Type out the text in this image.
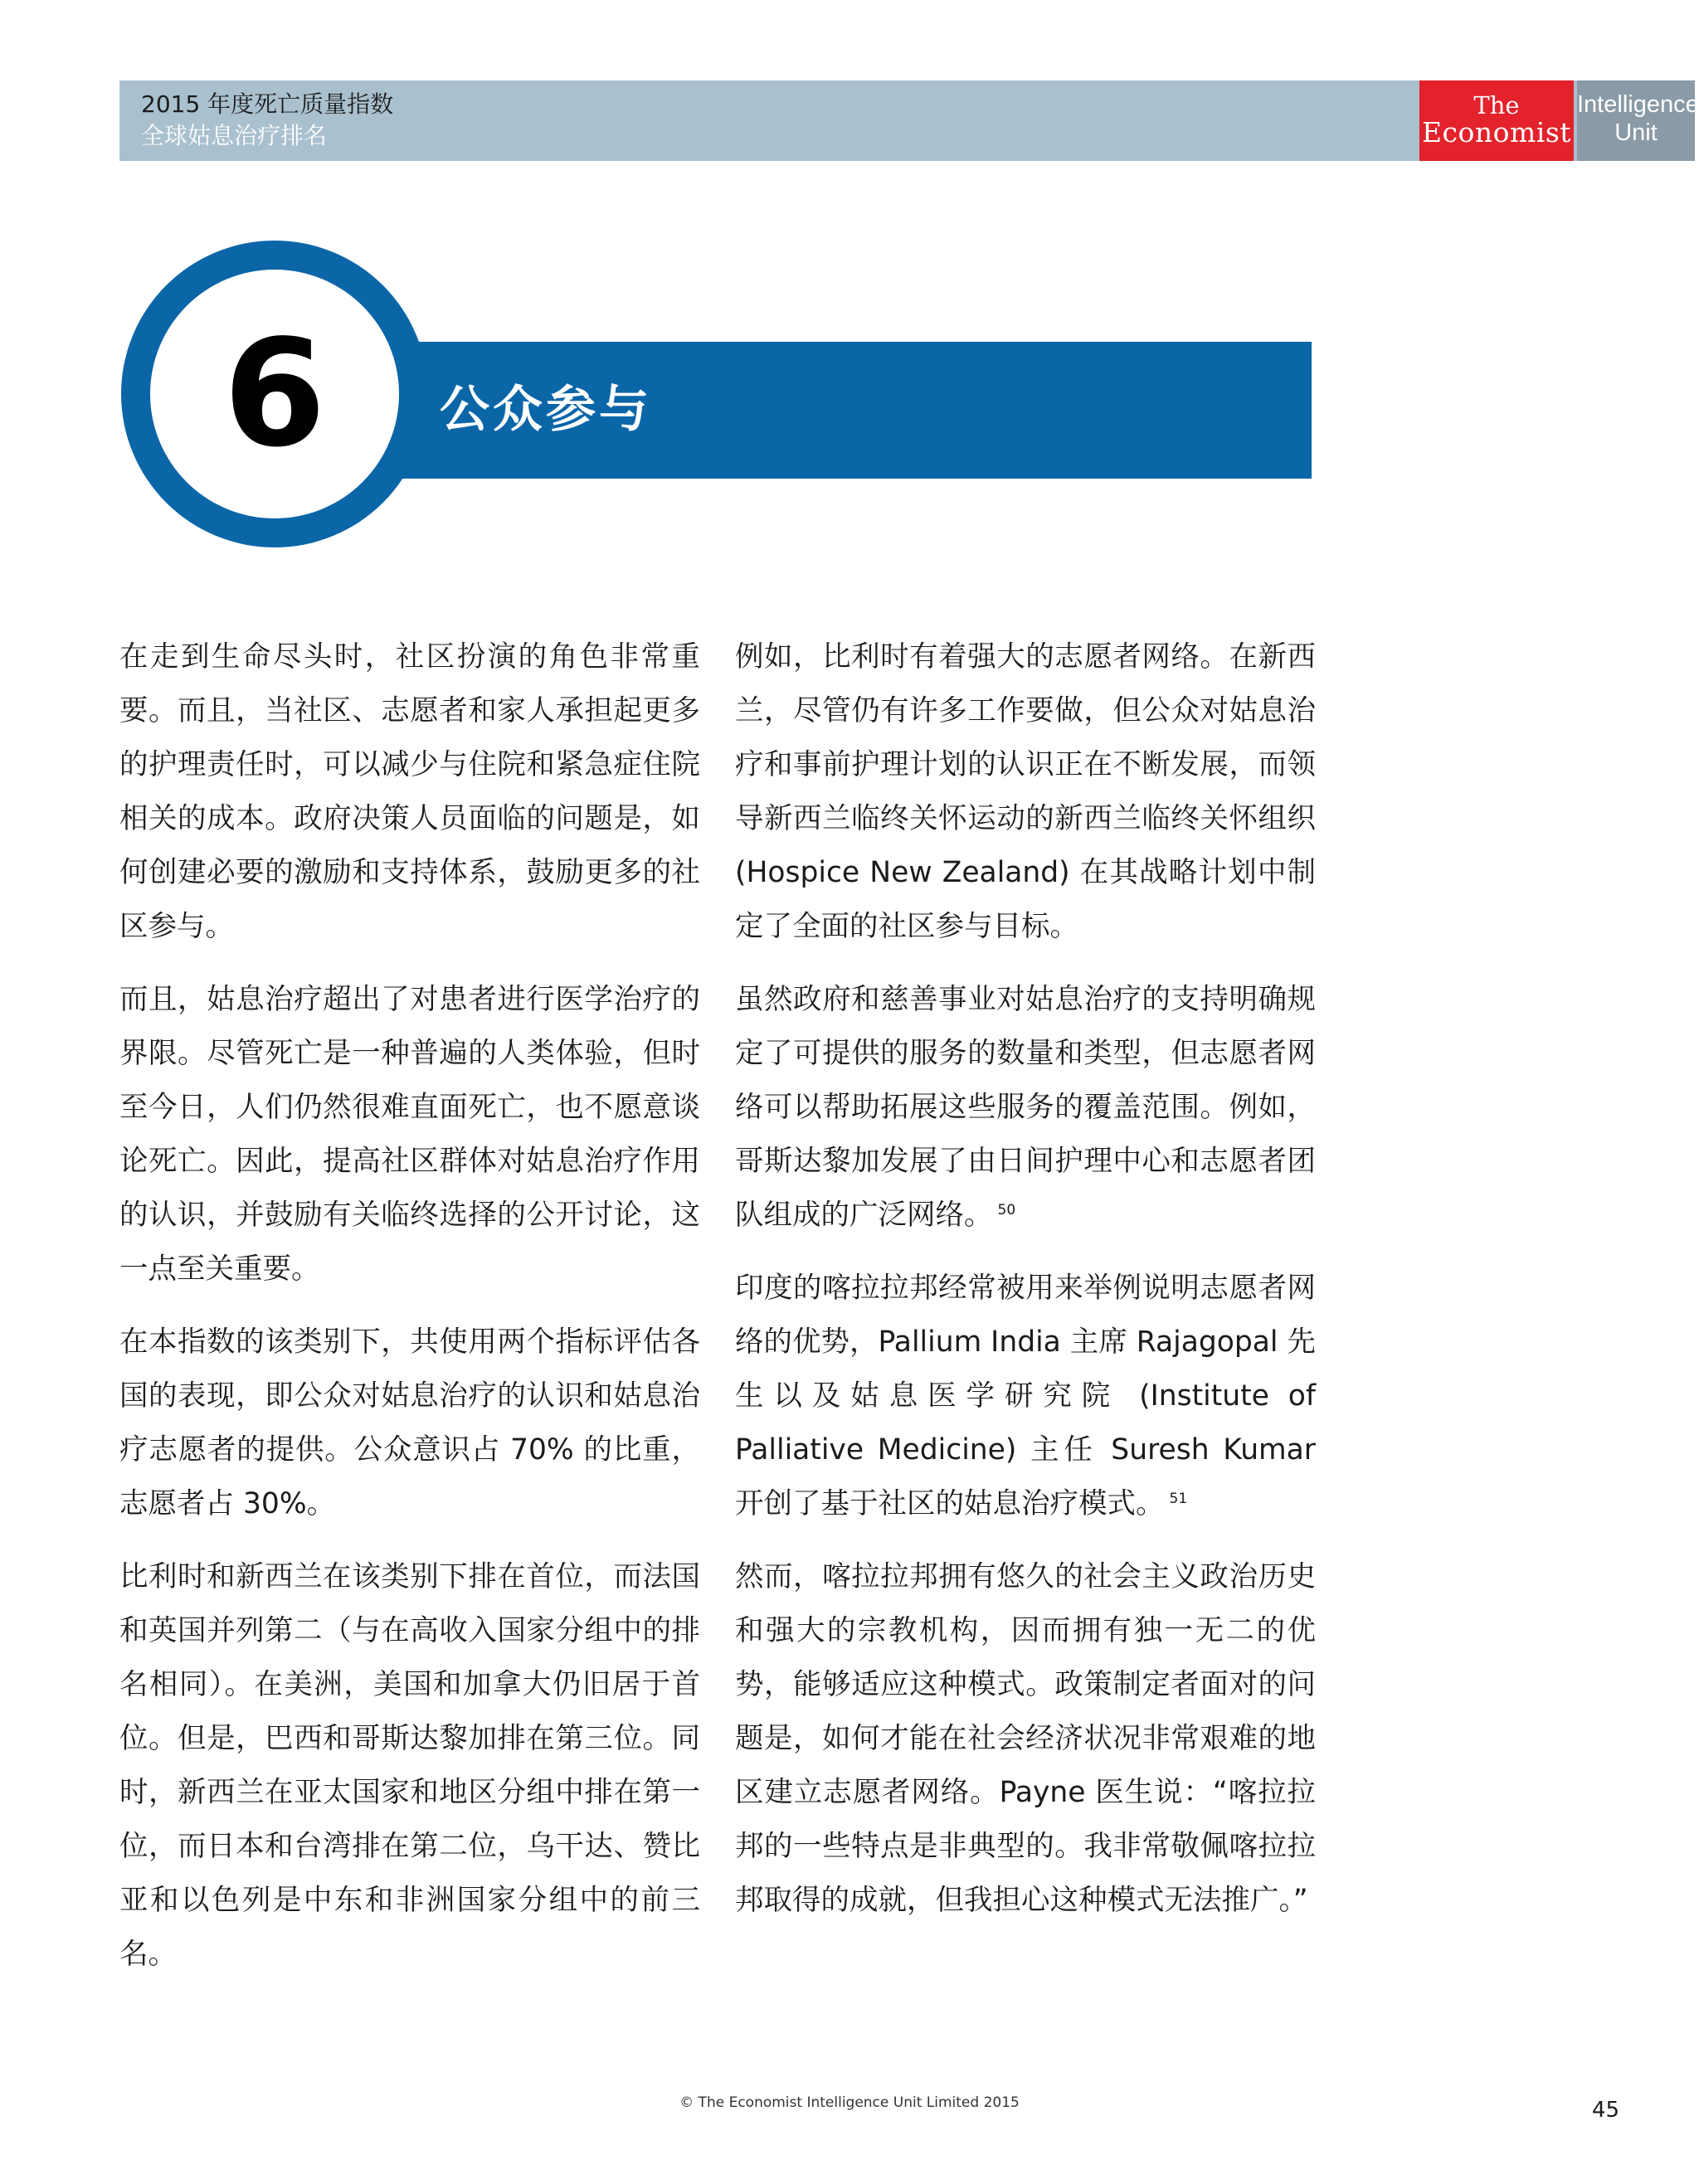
2015 年度死亡质量指数
全球姑息治疗排名
The
Economist
Intelligence
Unit
公众参与
6

在走到生命尽头时，社区扮演的角色非常重要。而且，当社区、志愿者和家人承担起更多的护理责任时，可以减少与住院和紧急症住院相关的成本。政府决策人员面临的问题是，如何创建必要的激励和支持体系，鼓励更多的社区参与。

而且，姑息治疗超出了对患者进行医学治疗的界限。尽管死亡是一种普遍的人类体验，但时至今日，人们仍然很难直面死亡，也不愿意谈论死亡。因此，提高社区群体对姑息治疗作用的认识，并鼓励有关临终选择的公开讨论，这一点至关重要。

在本指数的该类别下，共使用两个指标评估各国的表现，即公众对姑息治疗的认识和姑息治疗志愿者的提供。公众意识占 70% 的比重，志愿者占 30%。

比利时和新西兰在该类别下排在首位，而法国和英国并列第二（与在高收入国家分组中的排名相同）。在美洲，美国和加拿大仍旧居于首位。但是，巴西和哥斯达黎加排在第三位。同时，新西兰在亚太国家和地区分组中排在第一位，而日本和台湾排在第二位，乌干达、赞比亚和以色列是中东和非洲国家分组中的前三名。

例如，比利时有着强大的志愿者网络。在新西兰，尽管仍有许多工作要做，但公众对姑息治疗和事前护理计划的认识正在不断发展，而领导新西兰临终关怀运动的新西兰临终关怀组织 (Hospice New Zealand) 在其战略计划中制定了全面的社区参与目标。

虽然政府和慈善事业对姑息治疗的支持明确规定了可提供的服务的数量和类型，但志愿者网络可以帮助拓展这些服务的覆盖范围。例如，哥斯达黎加发展了由日间护理中心和志愿者团队组成的广泛网络。 $^{50}$

印度的喀拉拉邦经常被用来举例说明志愿者网络的优势，Pallium India 主席 Rajagopal 先生以及姑息医学研究院 (Institute of Palliative Medicine) 主任 Suresh Kumar 开创了基于社区的姑息治疗模式。 $^{51}$

然而，喀拉拉邦拥有悠久的社会主义政治历史和强大的宗教机构，因而拥有独一无二的优势，能够适应这种模式。政策制定者面对的问题是，如何才能在社会经济状况非常艰难的地区建立志愿者网络。Payne 医生说：“喀拉拉邦的一些特点是非典型的。我非常敬佩喀拉拉邦取得的成就，但我担心这种模式无法推广。”

© The Economist Intelligence Unit Limited 2015	45
